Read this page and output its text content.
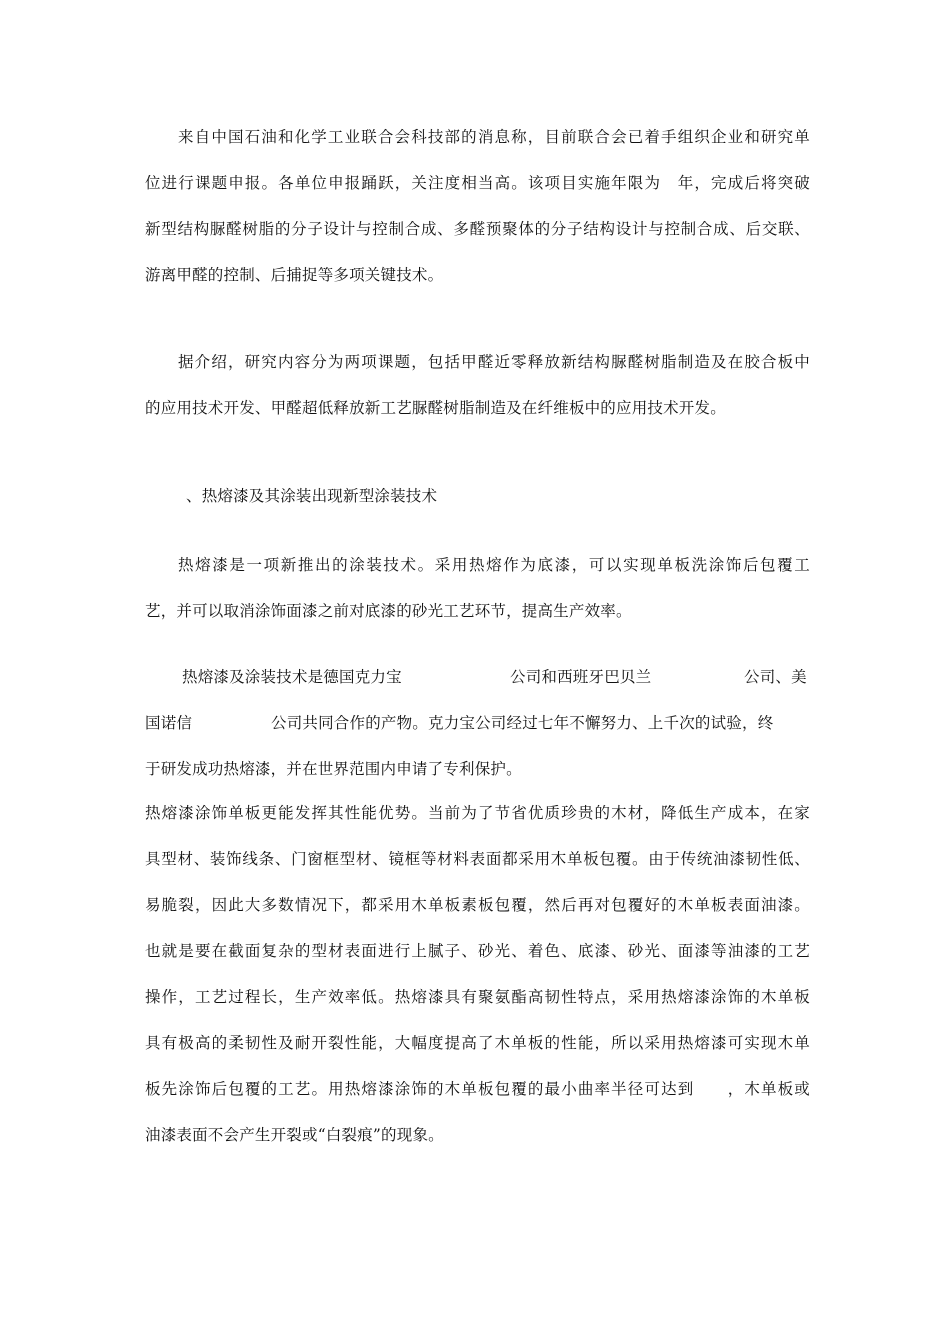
来自中国石油和化学工业联合会科技部的消息称，目前联合会已着手组织企业和研究单
位进行课题申报。各单位申报踊跃，关注度相当高。该项目实施年限为　年，完成后将突破
新型结构脲醛树脂的分子设计与控制合成、多醛预聚体的分子结构设计与控制合成、后交联、
游离甲醛的控制、后捕捉等多项关键技术。
据介绍，研究内容分为两项课题，包括甲醛近零释放新结构脲醛树脂制造及在胶合板中
的应用技术开发、甲醛超低释放新工艺脲醛树脂制造及在纤维板中的应用技术开发。
、热熔漆及其涂装出现新型涂装技术
热熔漆是一项新推出的涂装技术。采用热熔作为底漆，可以实现单板洗涂饰后包覆工
艺，并可以取消涂饰面漆之前对底漆的砂光工艺环节，提高生产效率。
热熔漆及涂装技术是德国克力宝	公司和西班牙巴贝兰	公司、美
国诺信	公司共同合作的产物。克力宝公司经过七年不懈努力、上千次的试验，终
于研发成功热熔漆，并在世界范围内申请了专利保护。
热熔漆涂饰单板更能发挥其性能优势。当前为了节省优质珍贵的木材，降低生产成本，在家
具型材、装饰线条、门窗框型材、镜框等材料表面都采用木单板包覆。由于传统油漆韧性低、
易脆裂，因此大多数情况下，都采用木单板素板包覆，然后再对包覆好的木单板表面油漆。
也就是要在截面复杂的型材表面进行上腻子、砂光、着色、底漆、砂光、面漆等油漆的工艺
操作，工艺过程长，生产效率低。热熔漆具有聚氨酯高韧性特点，采用热熔漆涂饰的木单板
具有极高的柔韧性及耐开裂性能，大幅度提高了木单板的性能，所以采用热熔漆可实现木单
板先涂饰后包覆的工艺。用热熔漆涂饰的木单板包覆的最小曲率半径可达到　　，木单板或
油漆表面不会产生开裂或“白裂痕”的现象。
